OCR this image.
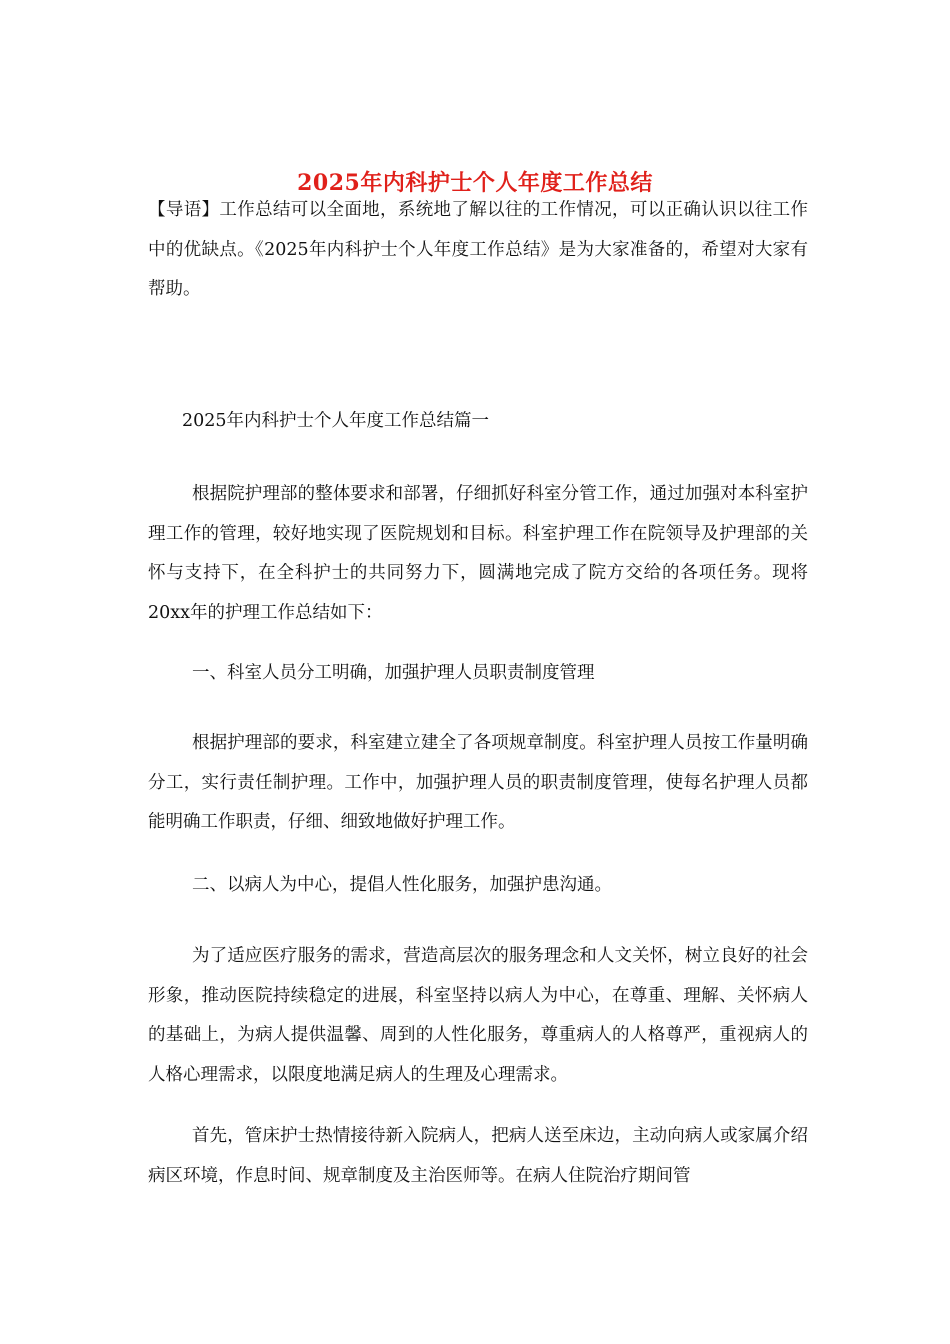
2025年内科护士个人年度工作总结

【导语】工作总结可以全面地，系统地了解以往的工作情况，可以正确认识以往工作中的优缺点。《2025年内科护士个人年度工作总结》是为大家准备的，希望对大家有帮助。

2025年内科护士个人年度工作总结篇一

根据院护理部的整体要求和部署，仔细抓好科室分管工作，通过加强对本科室护理工作的管理，较好地实现了医院规划和目标。科室护理工作在院领导及护理部的关怀与支持下，在全科护士的共同努力下，圆满地完成了院方交给的各项任务。现将20xx年的护理工作总结如下：

一、科室人员分工明确，加强护理人员职责制度管理

根据护理部的要求，科室建立建全了各项规章制度。科室护理人员按工作量明确分工，实行责任制护理。工作中，加强护理人员的职责制度管理，使每名护理人员都能明确工作职责，仔细、细致地做好护理工作。

二、以病人为中心，提倡人性化服务，加强护患沟通。

为了适应医疗服务的需求，营造高层次的服务理念和人文关怀，树立良好的社会形象，推动医院持续稳定的进展，科室坚持以病人为中心，在尊重、理解、关怀病人的基础上，为病人提供温馨、周到的人性化服务，尊重病人的人格尊严，重视病人的人格心理需求，以限度地满足病人的生理及心理需求。

首先，管床护士热情接待新入院病人，把病人送至床边，主动向病人或家属介绍病区环境，作息时间、规章制度及主治医师等。在病人住院治疗期间管
